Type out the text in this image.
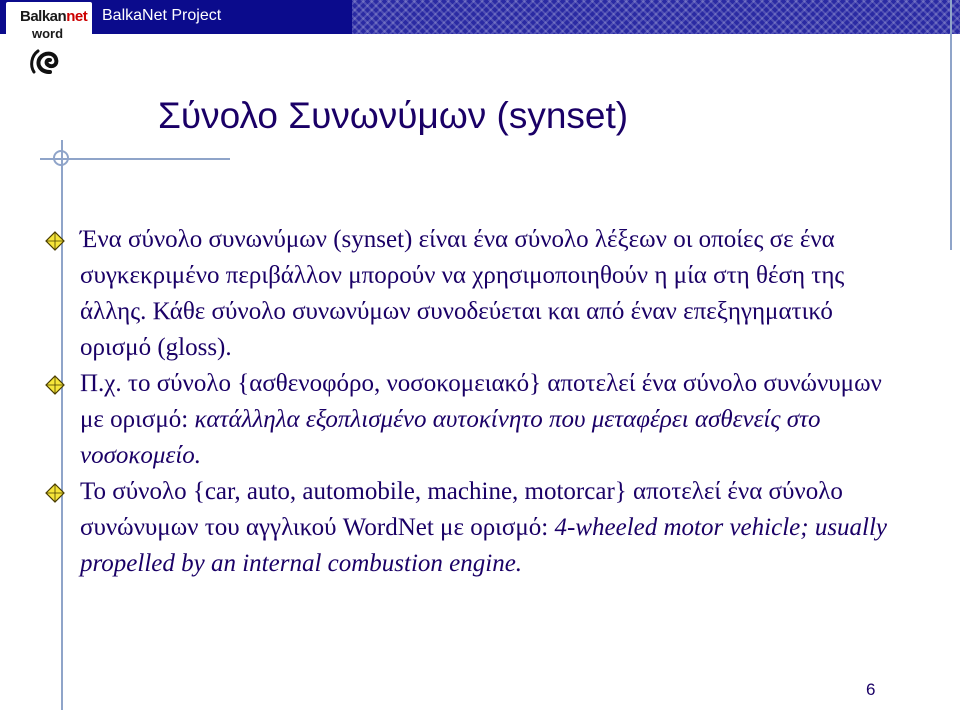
Balkannet
word
BalkaNet Project
Σύνολο Συνωνύμων (synset)

Ένα σύνολο συνωνύμων (synset) είναι ένα σύνολο λέξεων οι οποίες σε ένα συγκεκριμένο περιβάλλον μπορούν να χρησιμοποιηθούν η μία στη θέση της άλλης. Κάθε σύνολο συνωνύμων συνοδεύεται και από έναν επεξηγηματικό ορισμό (gloss).

Π.χ. το σύνολο {ασθενοφόρο, νοσοκομειακό} αποτελεί ένα σύνολο συνώνυμων με ορισμό: κατάλληλα εξοπλισμένο αυτοκίνητο που μεταφέρει ασθενείς στο νοσοκομείο.

Το σύνολο {car, auto, automobile, machine, motorcar} αποτελεί ένα σύνολο συνώνυμων του αγγλικού WordNet με ορισμό: 4-wheeled motor vehicle; usually propelled by an internal combustion engine.

6
